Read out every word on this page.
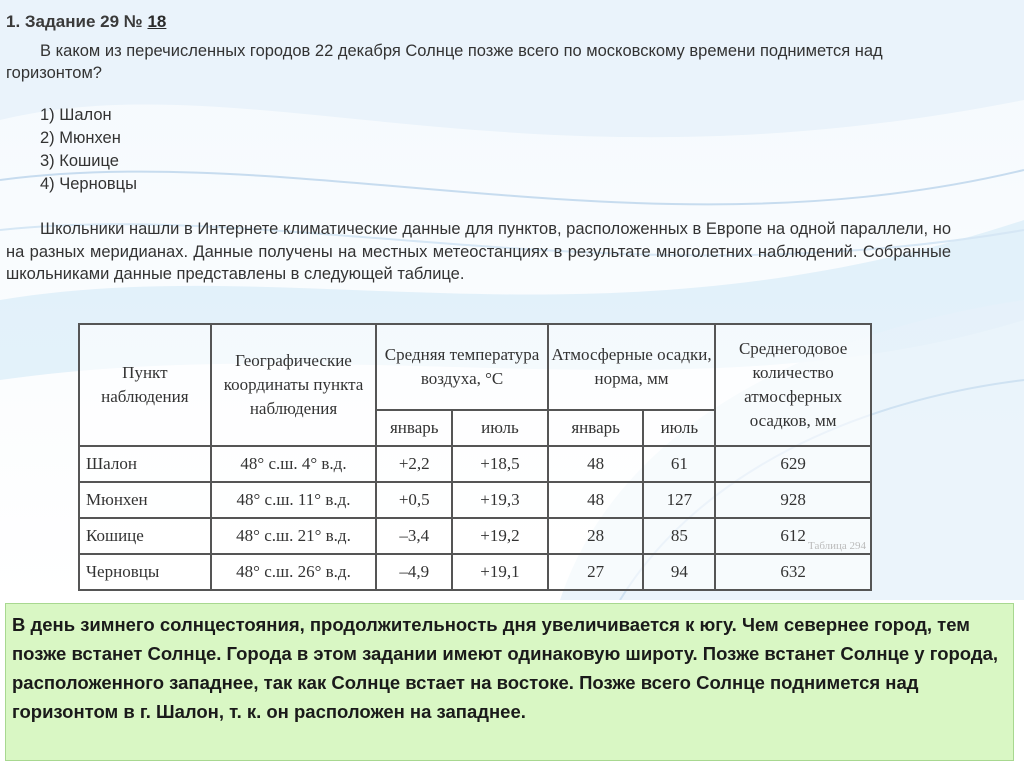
1. Задание 29 № 18
В каком из перечисленных городов 22 декабря Солнце позже всего по московскому времени поднимется над горизонтом?
1) Шалон
2) Мюнхен
3) Кошице
4) Черновцы
Школьники нашли в Интернете климатические данные для пунктов, расположенных в Европе на одной параллели, но на разных меридианах. Данные получены на местных метеостанциях в результате многолетних наблюдений. Собранные школьниками данные представлены в следующей таблице.
Пункт наблюдения	Географические координаты пункта наблюдения	Средняя температура воздуха, °С		Атмосферные осадки, норма, мм		Среднегодовое количество атмосферных осадков, мм
		январь	июль	январь	июль	
Шалон	48° с.ш. 4° в.д.	+2,2	+18,5	48	61	629
Мюнхен	48° с.ш. 11° в.д.	+0,5	+19,3	48	127	928
Кошице	48° с.ш. 21° в.д.	–3,4	+19,2	28	85	612
Черновцы	48° с.ш. 26° в.д.	–4,9	+19,1	27	94	632
Таблица 294
В день зимнего солнцестояния, продолжительность дня увеличивается к югу. Чем севернее город, тем позже встанет Солнце. Города в этом задании имеют одинаковую широту. Позже встанет Солнце у города, расположенного западнее, так как Солнце встает на востоке. Позже всего Солнце поднимется над горизонтом в г. Шалон, т. к. он расположен на западнее.
